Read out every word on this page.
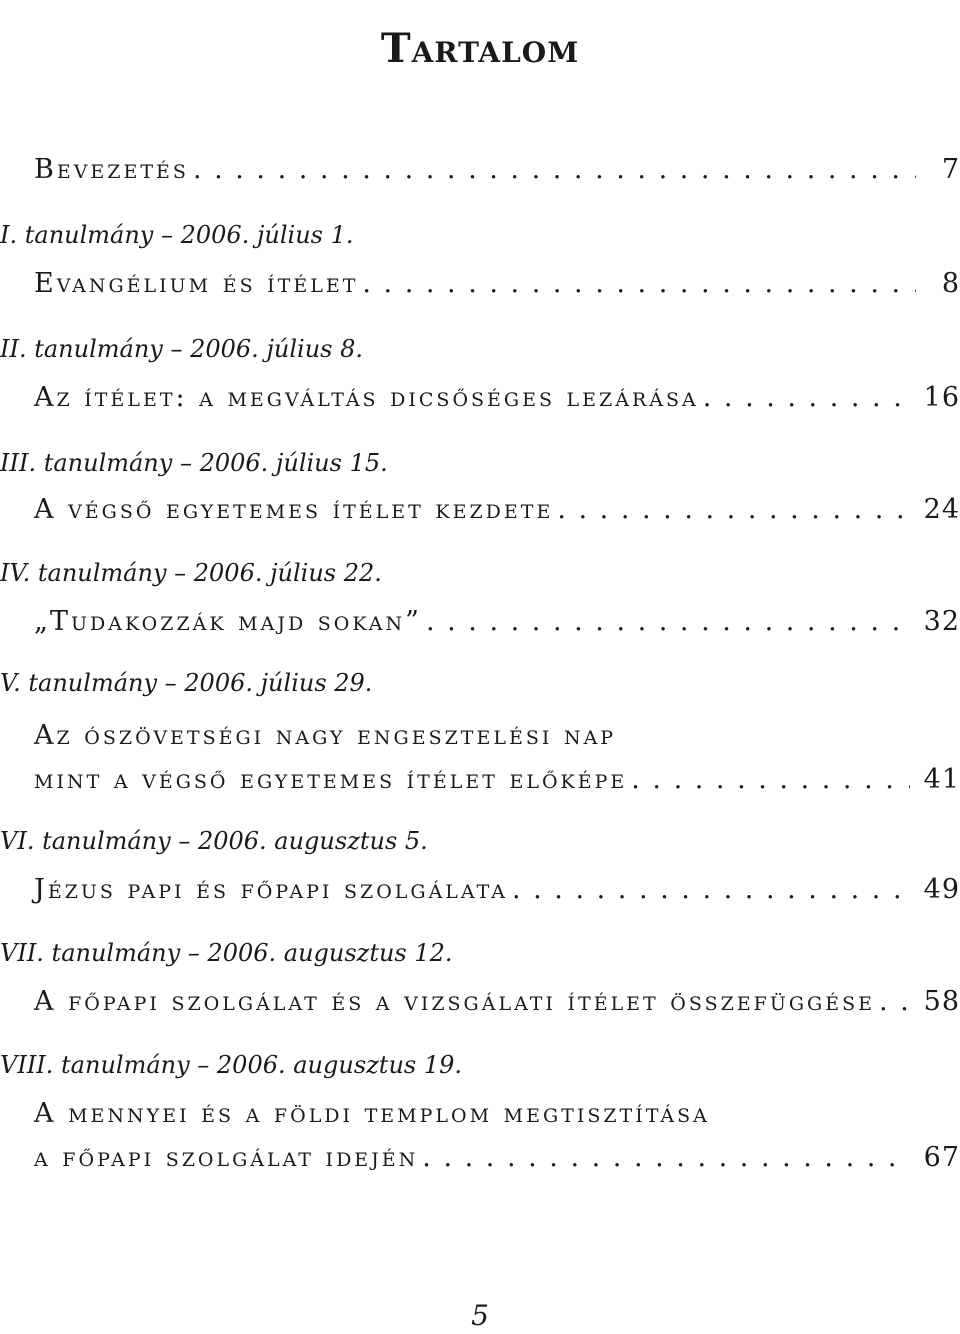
Tartalom
Bevezetés . . .	7
I. tanulmány – 2006. július 1.
Evangélium és ítélet . . .	8
II. tanulmány – 2006. július 8.
Az ítélet: a megváltás dicsőséges lezárása . . .	16
III. tanulmány – 2006. július 15.
A végső egyetemes ítélet kezdete . . .	24
IV. tanulmány – 2006. július 22.
„Tudakozzák majd sokan” . . .	32
V. tanulmány – 2006. július 29.
Az ószövetségi nagy engesztelési nap
mint a végső egyetemes ítélet előképe . . .	41
VI. tanulmány – 2006. augusztus 5.
Jézus papi és főpapi szolgálata . . .	49
VII. tanulmány – 2006. augusztus 12.
A főpapi szolgálat és a vizsgálati ítélet összefüggése . . . 58
VIII. tanulmány – 2006. augusztus 19.
A mennyei és a földi templom megtisztítása
a főpapi szolgálat idején . . .	67
5
